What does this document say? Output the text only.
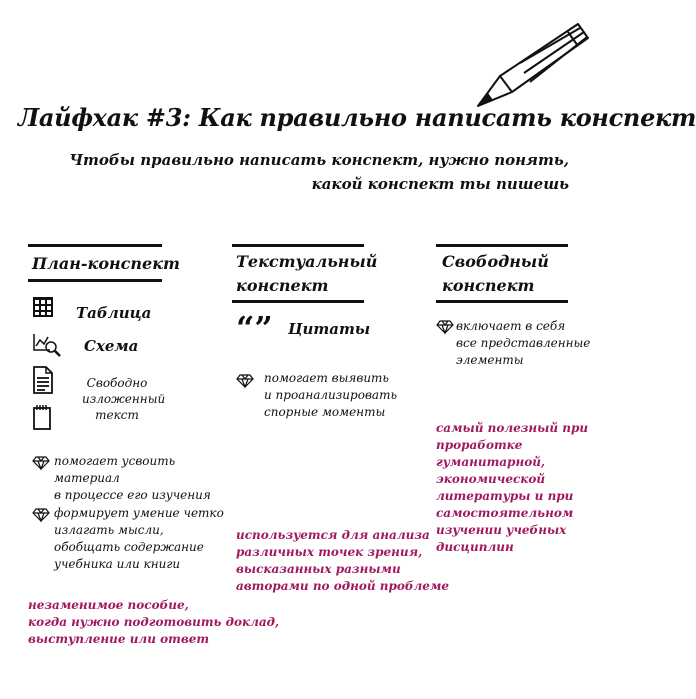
Лайфхак #3: Как правильно написать конспект
Чтобы правильно написать конспект, нужно понять,
какой конспект ты пишешь
План-конспект
Таблица
Схема
Свободно
изложенный
текст
помогает усвоить
материал
в процессе его изучения
формирует умение четко
излагать мысли,
обобщать содержание
учебника или книги
незаменимое пособие,
когда нужно подготовить доклад,
выступление или ответ
Текстуальный
конспект
“” Цитаты
помогает выявить
и проанализировать
спорные моменты
используется для анализа
различных точек зрения,
высказанных разными
авторами по одной проблеме
Свободный
конспект
включает в себя
все представленные
элементы
самый полезный при
проработке
гуманитарной,
экономической
литературы и при
самостоятельном
изучении учебных
дисциплин
